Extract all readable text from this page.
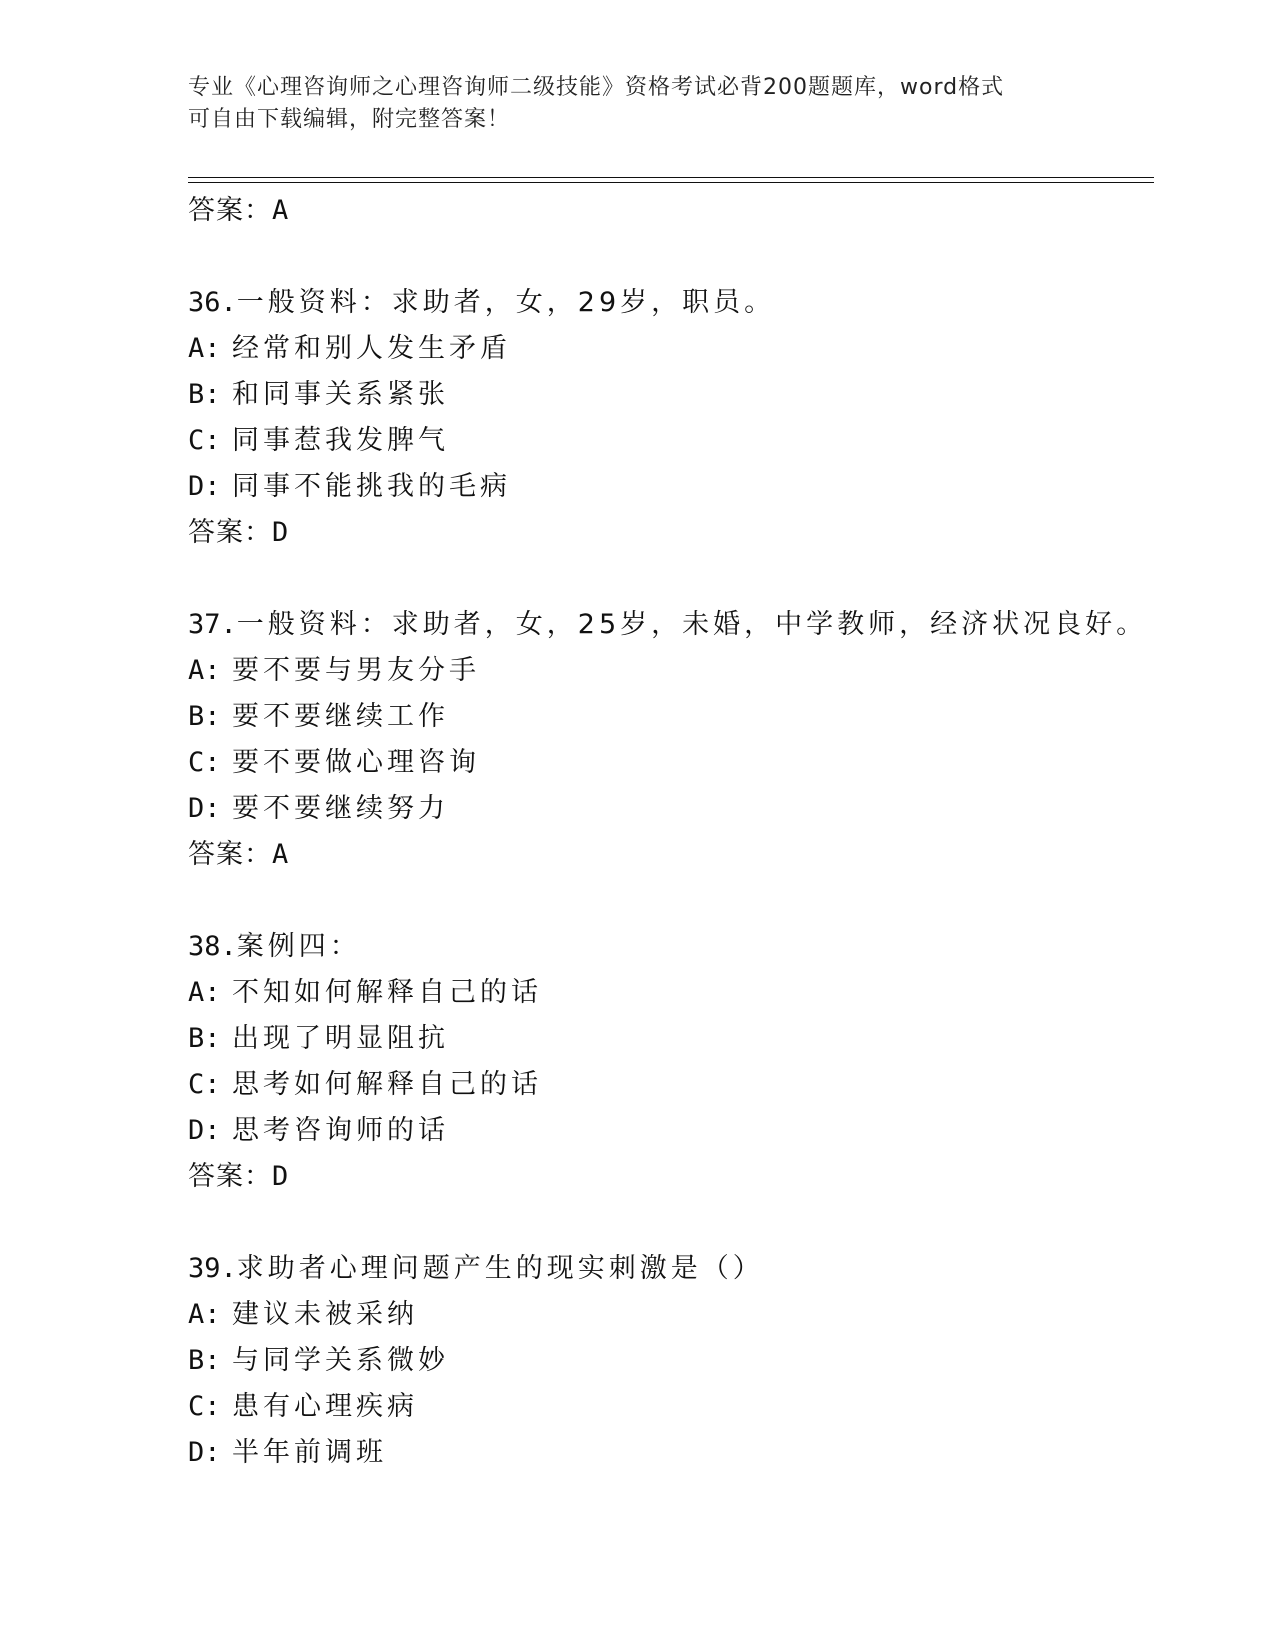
专业《心理咨询师之心理咨询师二级技能》资格考试必背200题题库，word格式
可自由下载编辑，附完整答案！
答案：A
36.一般资料：求助者，女，29岁，职员。
A: 经常和别人发生矛盾
B: 和同事关系紧张
C: 同事惹我发脾气
D: 同事不能挑我的毛病
答案：D
37.一般资料：求助者，女，25岁，未婚，中学教师，经济状况良好。
A: 要不要与男友分手
B: 要不要继续工作
C: 要不要做心理咨询
D: 要不要继续努力
答案：A
38.案例四：
A: 不知如何解释自己的话
B: 出现了明显阻抗
C: 思考如何解释自己的话
D: 思考咨询师的话
答案：D
39.求助者心理问题产生的现实刺激是（）
A: 建议未被采纳
B: 与同学关系微妙
C: 患有心理疾病
D: 半年前调班
